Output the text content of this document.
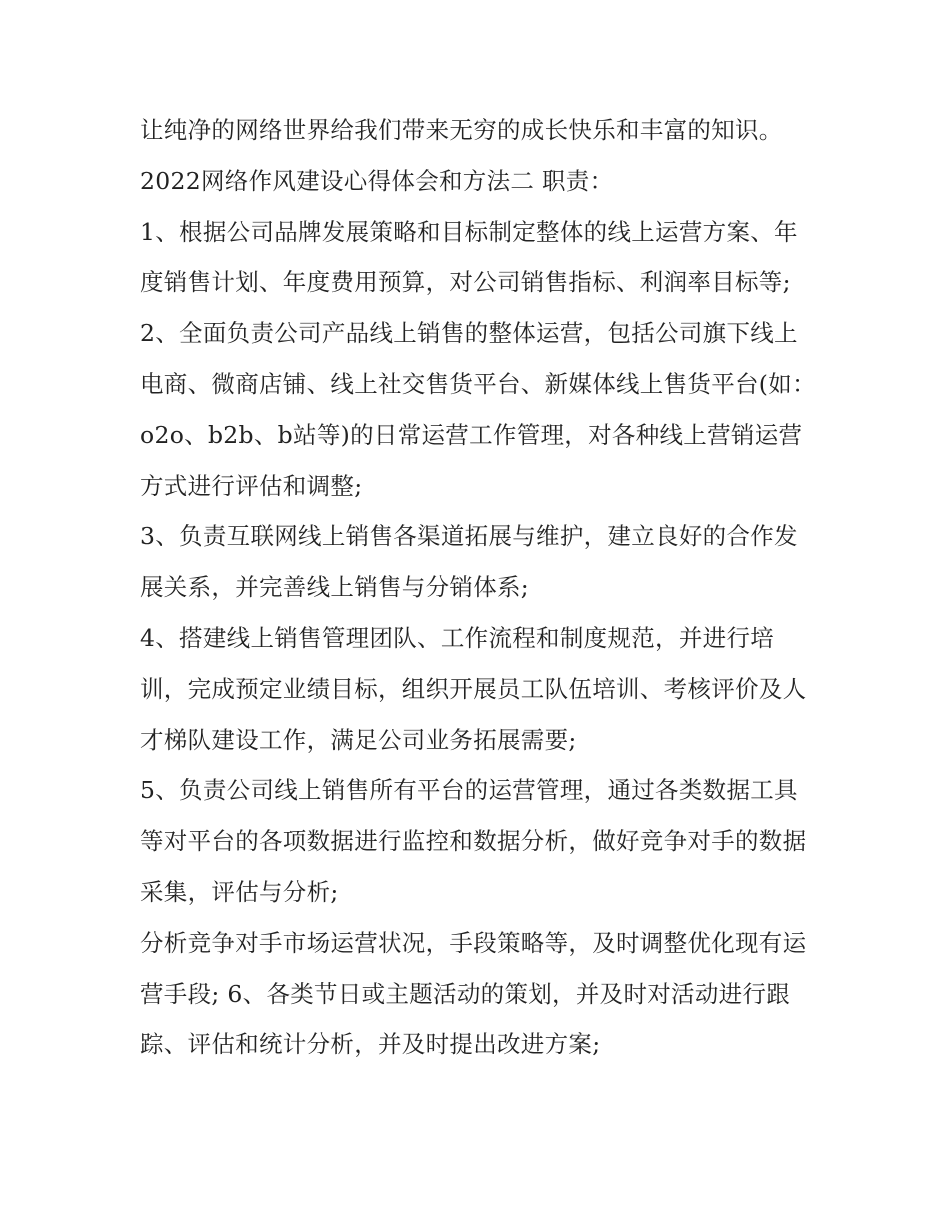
让纯净的网络世界给我们带来无穷的成长快乐和丰富的知识。

2022网络作风建设心得体会和方法二 职责：

1、根据公司品牌发展策略和目标制定整体的线上运营方案、年度销售计划、年度费用预算，对公司销售指标、利润率目标等;

2、全面负责公司产品线上销售的整体运营，包括公司旗下线上电商、微商店铺、线上社交售货平台、新媒体线上售货平台(如：o2o、b2b、b站等)的日常运营工作管理，对各种线上营销运营方式进行评估和调整;

3、负责互联网线上销售各渠道拓展与维护，建立良好的合作发展关系，并完善线上销售与分销体系;

4、搭建线上销售管理团队、工作流程和制度规范，并进行培训，完成预定业绩目标，组织开展员工队伍培训、考核评价及人才梯队建设工作，满足公司业务拓展需要;

5、负责公司线上销售所有平台的运营管理，通过各类数据工具等对平台的各项数据进行监控和数据分析，做好竞争对手的数据采集，评估与分析;

分析竞争对手市场运营状况，手段策略等，及时调整优化现有运营手段; 6、各类节日或主题活动的策划，并及时对活动进行跟踪、评估和统计分析，并及时提出改进方案;
